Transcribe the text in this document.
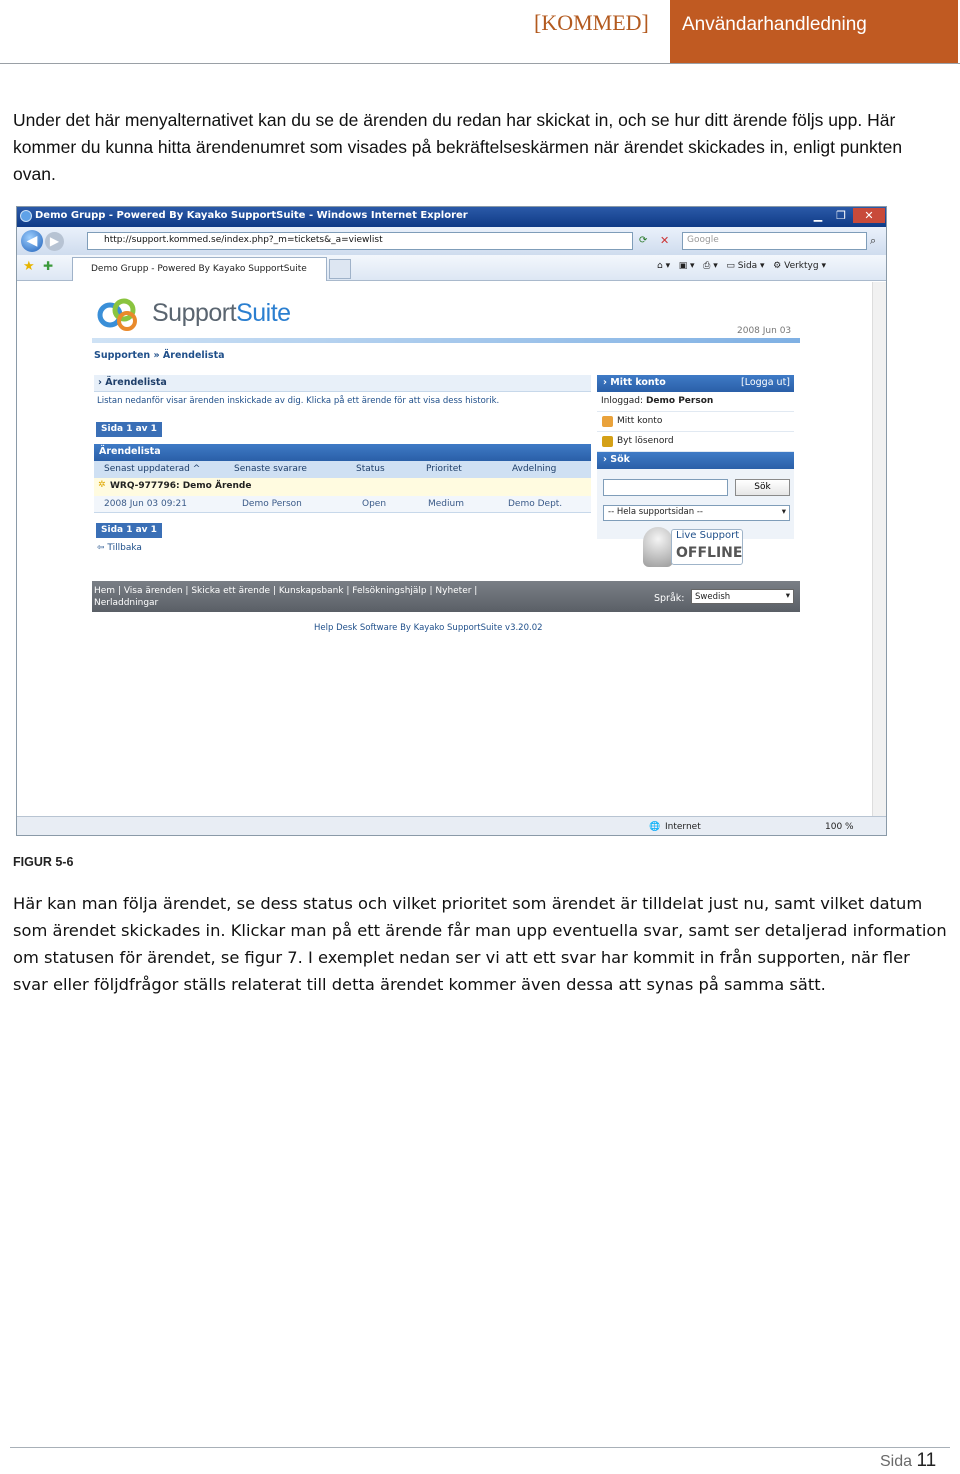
[KOMMED]	Användarhandledning

Under det här menyalternativet kan du se de ärenden du redan har skickat in, och se hur ditt ärende följs upp. Här kommer du kunna hitta ärendenumret som visades på bekräftelseskärmen när ärendet skickades in, enligt punkten ovan.

Demo Grupp - Powered By Kayako SupportSuite - Windows Internet Explorer	▁	❐	✕
◀	▶	http://support.kommed.se/index.php?_m=tickets&_a=viewlist	⟳ ✕	Google	⌕
★ ✚	Demo Grupp - Powered By Kayako SupportSuite	⌂ ▾ ▣ ▾ ⎙ ▾ ▭ Sida ▾ ⚙ Verktyg ▾
SupportSuite
2008 Jun 03
Supporten » Ärendelista
› Ärendelista
Listan nedanför visar ärenden inskickade av dig. Klicka på ett ärende för att visa dess historik.
Sida 1 av 1
Ärendelista
Senast uppdaterad ^	Senaste svarare	Status	Prioritet	Avdelning
✲ WRQ-977796: Demo Ärende
2008 Jun 03 09:21	Demo Person	Open	Medium	Demo Dept.
Sida 1 av 1
⇦ Tillbaka
› Mitt konto	[Logga ut]
Inloggad: Demo Person
Mitt konto
Byt lösenord
› Sök
Sök
-- Hela supportsidan --	▾
Live Support
OFFLINE
Hem | Visa ärenden | Skicka ett ärende | Kunskapsbank | Felsökningshjälp | Nyheter |
Nerladdningar	Språk:	Swedish	▾
Help Desk Software By Kayako SupportSuite v3.20.02
🌐 Internet	100 %
FIGUR 5-6

Här kan man följa ärendet, se dess status och vilket prioritet som ärendet är tilldelat just nu, samt vilket datum som ärendet skickades in. Klickar man på ett ärende får man upp eventuella svar, samt ser detaljerad information om statusen för ärendet, se figur 7. I exemplet nedan ser vi att ett svar har kommit in från supporten, när fler svar eller följdfrågor ställs relaterat till detta ärendet kommer även dessa att synas på samma sätt.

Sida 11
